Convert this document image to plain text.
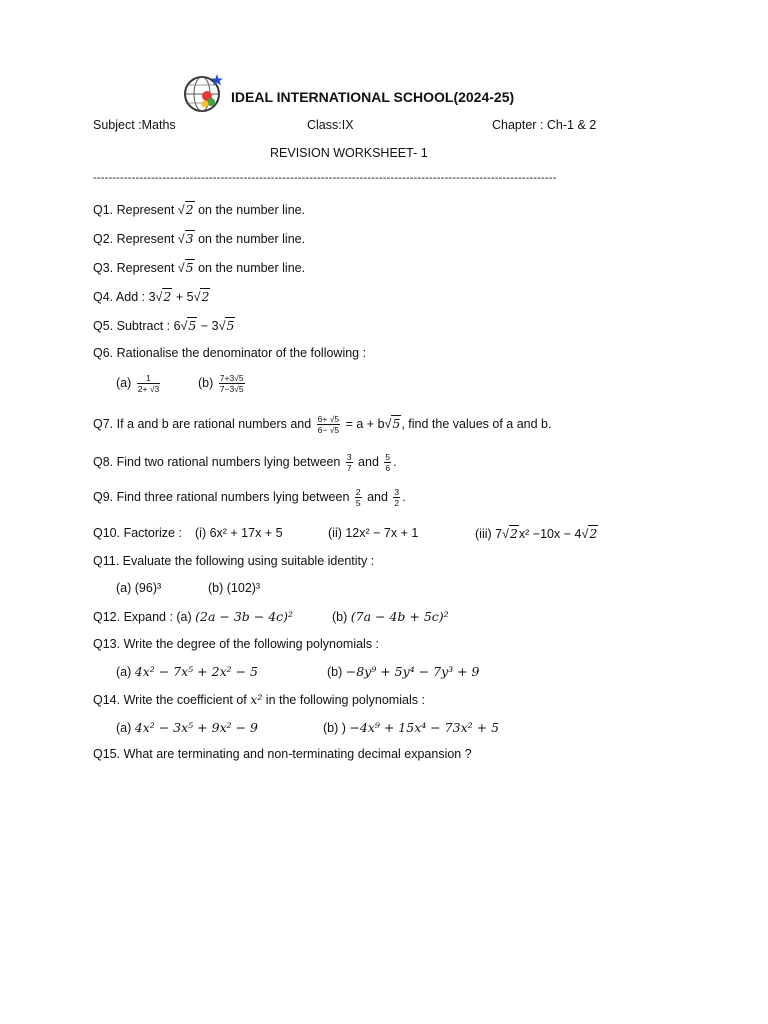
IDEAL INTERNATIONAL SCHOOL(2024-25)
Subject :Maths	Class:IX	Chapter : Ch-1 & 2
REVISION WORKSHEET- 1
------------------------------------------------------------------------------------------------------------------------
Q1. Represent √2 on the number line.
Q2. Represent √3 on the number line.
Q3. Represent √5 on the number line.
Q4. Add : 3√2 + 5√2
Q5. Subtract : 6√5 − 3√5
Q6. Rationalise the denominator of the following :
$(a) \frac{1}{2+ √3}$	$(b) \frac{7+3√5}{7-3√5}$
Q7. If a and b are rational numbers and $\frac{6+ √5}{6- √5} = a + b√5$, find the values of a and b.
Q8. Find two rational numbers lying between $\frac{3}{7}$ and $\frac{5}{6}$ .
Q9. Find three rational numbers lying between $\frac{2}{5}$ and $\frac{3}{2}$ .
Q10. Factorize : (i) 6x² + 17x + 5	(ii) 12x² − 7x + 1	(iii) 7√2x² −10x − 4√2
Q11. Evaluate the following using suitable identity :
(a) (96)³	(b) (102)³
Q12. Expand : (a) (2a − 3b − 4c)²	(b) (7a − 4b + 5c)²
Q13. Write the degree of the following polynomials :
(a) 4x² − 7x⁵ + 2x² − 5	(b) −8y⁹ + 5y⁴ − 7y³ + 9
Q14. Write the coefficient of x² in the following polynomials :
(a) 4x² − 3x⁵ + 9x² − 9	(b) ) −4x⁹ + 15x⁴ − 73x² + 5
Q15. What are terminating and non-terminating decimal expansion ?
